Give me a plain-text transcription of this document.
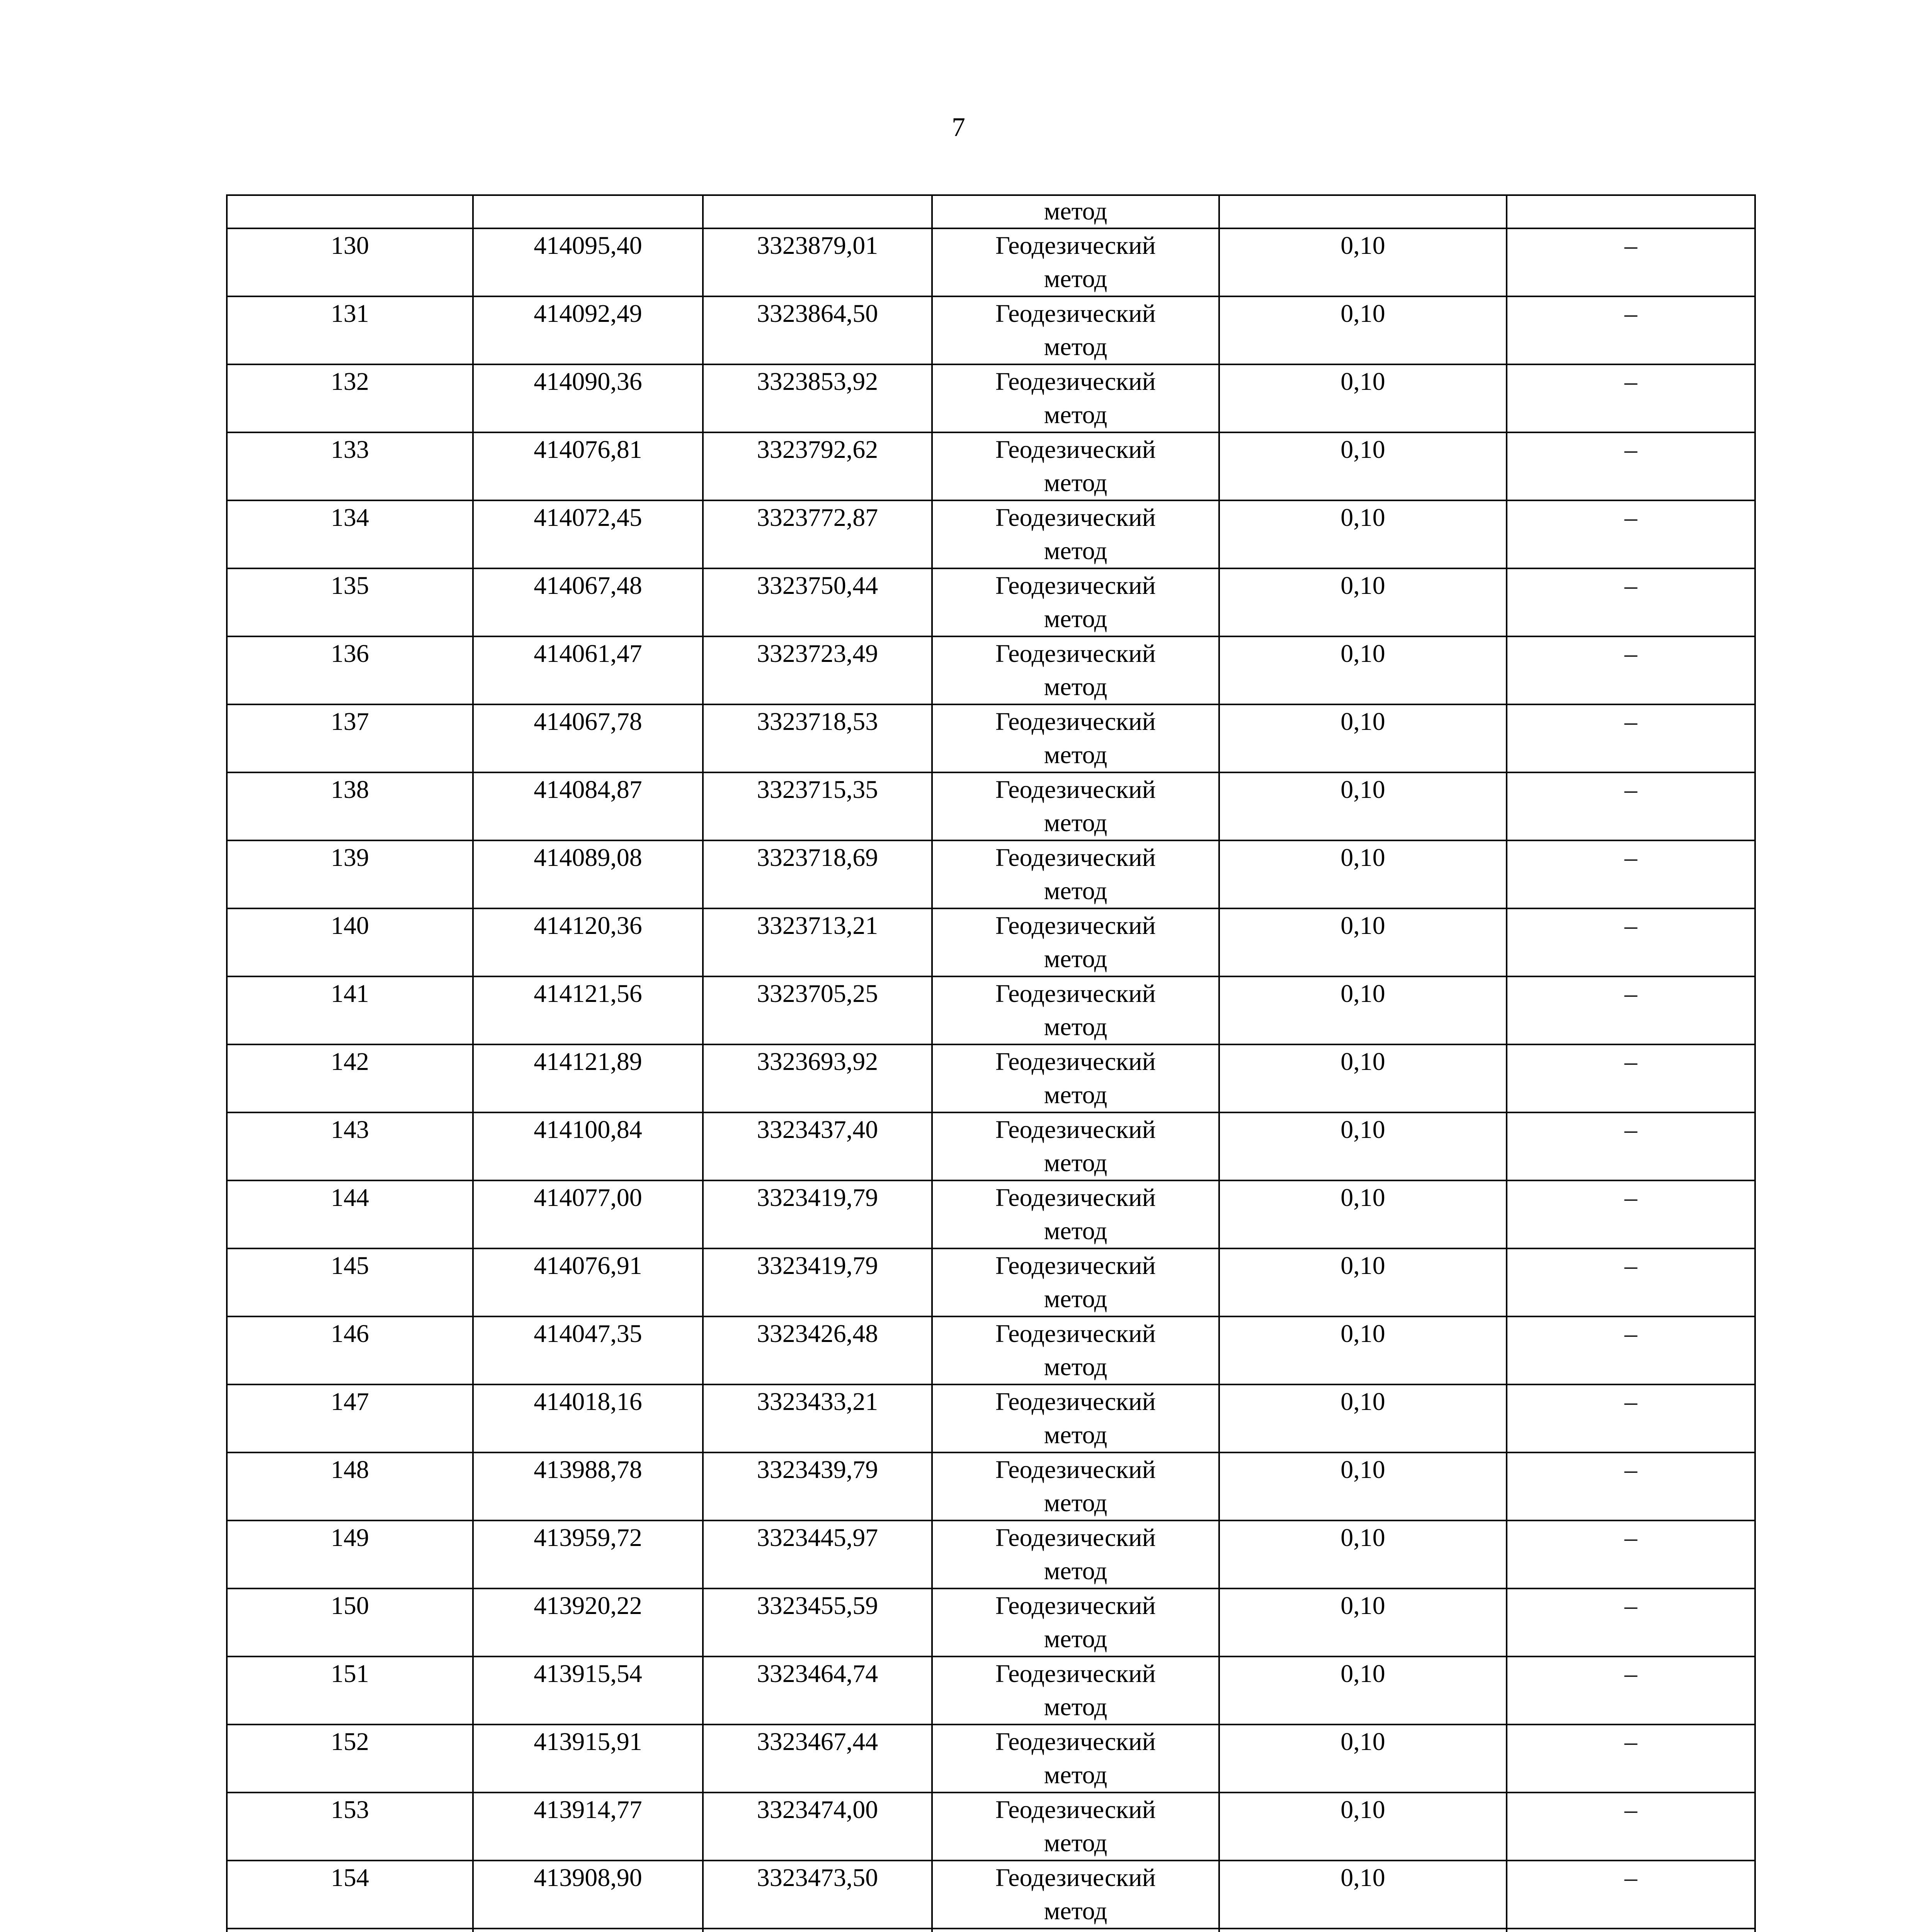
7

			метод		

130	414095,40	3323879,01	Геодезический
метод	0,10	–

131	414092,49	3323864,50	Геодезический
метод	0,10	–

132	414090,36	3323853,92	Геодезический
метод	0,10	–

133	414076,81	3323792,62	Геодезический
метод	0,10	–

134	414072,45	3323772,87	Геодезический
метод	0,10	–

135	414067,48	3323750,44	Геодезический
метод	0,10	–

136	414061,47	3323723,49	Геодезический
метод	0,10	–

137	414067,78	3323718,53	Геодезический
метод	0,10	–

138	414084,87	3323715,35	Геодезический
метод	0,10	–

139	414089,08	3323718,69	Геодезический
метод	0,10	–

140	414120,36	3323713,21	Геодезический
метод	0,10	–

141	414121,56	3323705,25	Геодезический
метод	0,10	–

142	414121,89	3323693,92	Геодезический
метод	0,10	–

143	414100,84	3323437,40	Геодезический
метод	0,10	–

144	414077,00	3323419,79	Геодезический
метод	0,10	–

145	414076,91	3323419,79	Геодезический
метод	0,10	–

146	414047,35	3323426,48	Геодезический
метод	0,10	–

147	414018,16	3323433,21	Геодезический
метод	0,10	–

148	413988,78	3323439,79	Геодезический
метод	0,10	–

149	413959,72	3323445,97	Геодезический
метод	0,10	–

150	413920,22	3323455,59	Геодезический
метод	0,10	–

151	413915,54	3323464,74	Геодезический
метод	0,10	–

152	413915,91	3323467,44	Геодезический
метод	0,10	–

153	413914,77	3323474,00	Геодезический
метод	0,10	–

154	413908,90	3323473,50	Геодезический
метод	0,10	–
